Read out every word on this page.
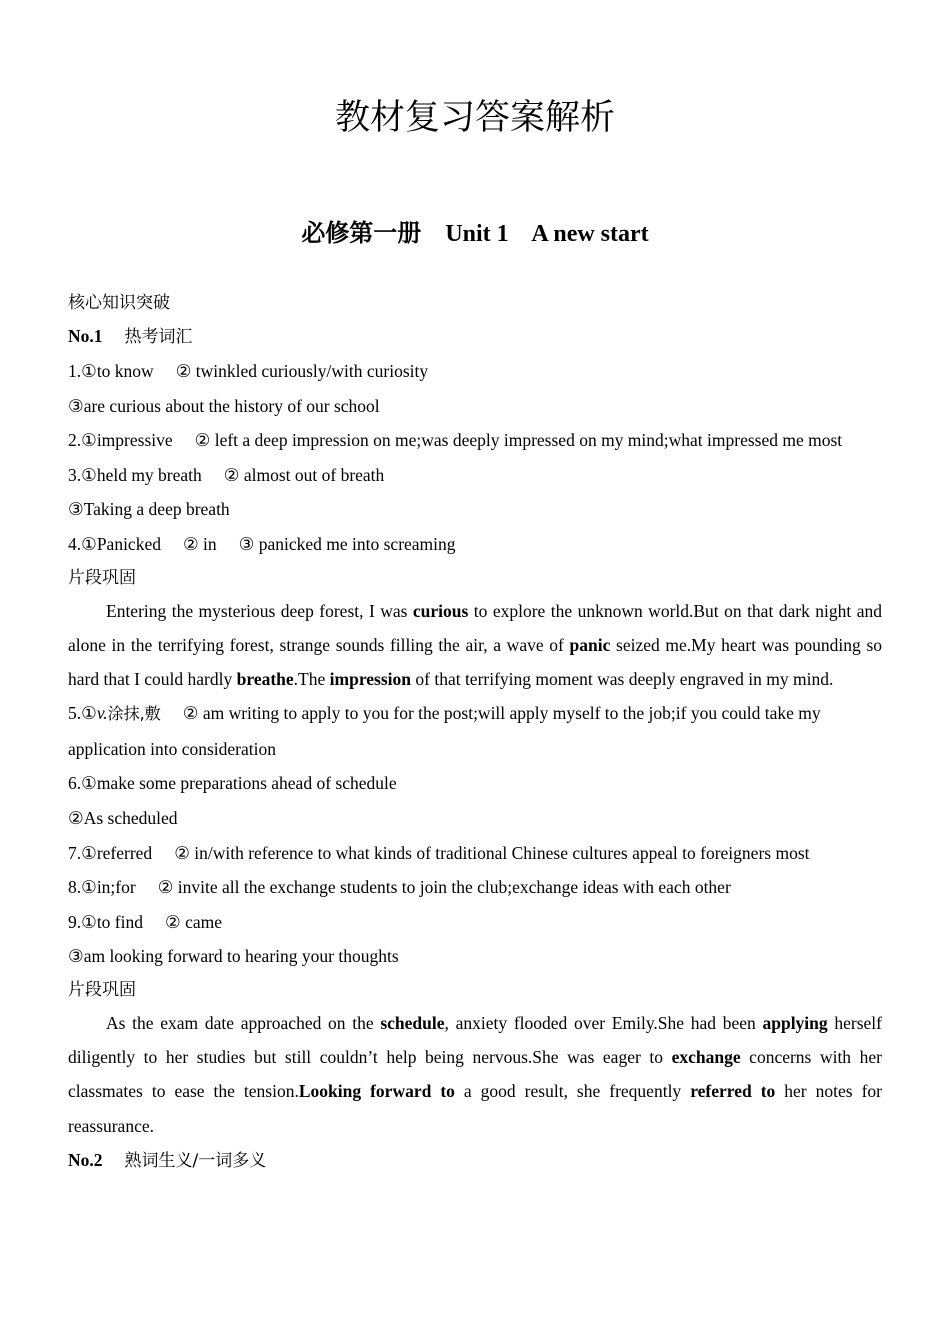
教材复习答案解析
必修第一册 Unit 1 A new start

核心知识突破

No.1 热考词汇

1.①to know ② twinkled curiously/with curiosity

③are curious about the history of our school

2.①impressive ② left a deep impression on me;was deeply impressed on my mind;what impressed me most

3.①held my breath ② almost out of breath

③Taking a deep breath

4.①Panicked ② in ③ panicked me into screaming

片段巩固

Entering the mysterious deep forest, I was curious to explore the unknown world.But on that dark night and alone in the terrifying forest, strange sounds filling the air, a wave of panic seized me.My heart was pounding so hard that I could hardly breathe.The impression of that terrifying moment was deeply engraved in my mind.

5.①v.涂抹,敷 ② am writing to apply to you for the post;will apply myself to the job;if you could take my application into consideration

6.①make some preparations ahead of schedule

②As scheduled

7.①referred ② in/with reference to what kinds of traditional Chinese cultures appeal to foreigners most

8.①in;for ② invite all the exchange students to join the club;exchange ideas with each other

9.①to find ② came

③am looking forward to hearing your thoughts

片段巩固

As the exam date approached on the schedule, anxiety flooded over Emily.She had been applying herself diligently to her studies but still couldn’t help being nervous.She was eager to exchange concerns with her classmates to ease the tension.Looking forward to a good result, she frequently referred to her notes for reassurance.

No.2 熟词生义/一词多义
